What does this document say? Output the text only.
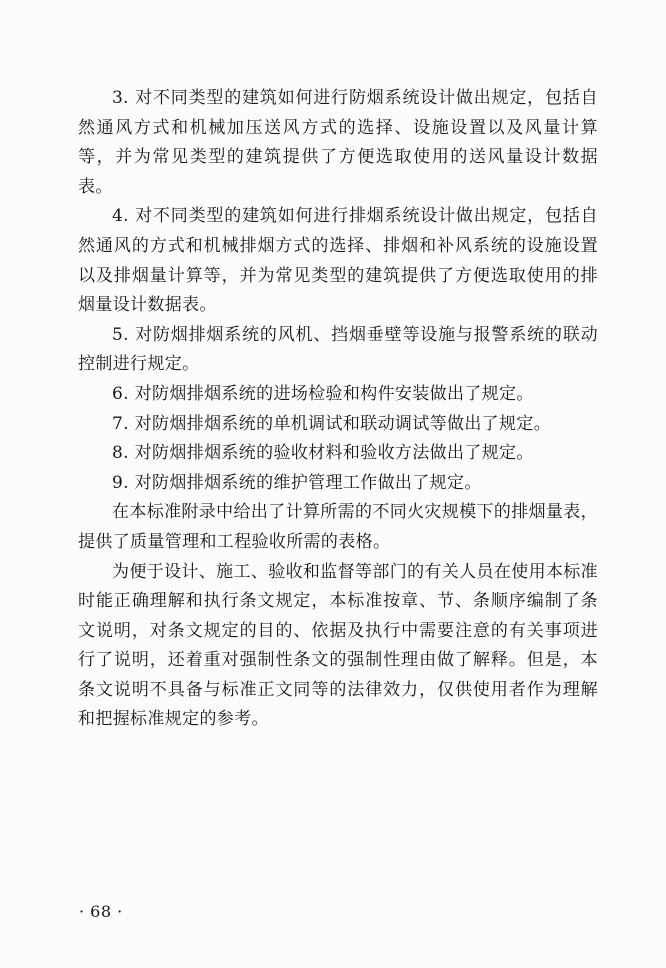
3. 对不同类型的建筑如何进行防烟系统设计做出规定，包括自然通风方式和机械加压送风方式的选择、设施设置以及风量计算等，并为常见类型的建筑提供了方便选取使用的送风量设计数据表。

4. 对不同类型的建筑如何进行排烟系统设计做出规定，包括自然通风的方式和机械排烟方式的选择、排烟和补风系统的设施设置以及排烟量计算等，并为常见类型的建筑提供了方便选取使用的排烟量设计数据表。

5. 对防烟排烟系统的风机、挡烟垂壁等设施与报警系统的联动控制进行规定。

6. 对防烟排烟系统的进场检验和构件安装做出了规定。

7. 对防烟排烟系统的单机调试和联动调试等做出了规定。

8. 对防烟排烟系统的验收材料和验收方法做出了规定。

9. 对防烟排烟系统的维护管理工作做出了规定。

在本标准附录中给出了计算所需的不同火灾规模下的排烟量表，提供了质量管理和工程验收所需的表格。

为便于设计、施工、验收和监督等部门的有关人员在使用本标准时能正确理解和执行条文规定，本标准按章、节、条顺序编制了条文说明，对条文规定的目的、依据及执行中需要注意的有关事项进行了说明，还着重对强制性条文的强制性理由做了解释。但是，本条文说明不具备与标准正文同等的法律效力，仅供使用者作为理解和把握标准规定的参考。

· 68 ·
